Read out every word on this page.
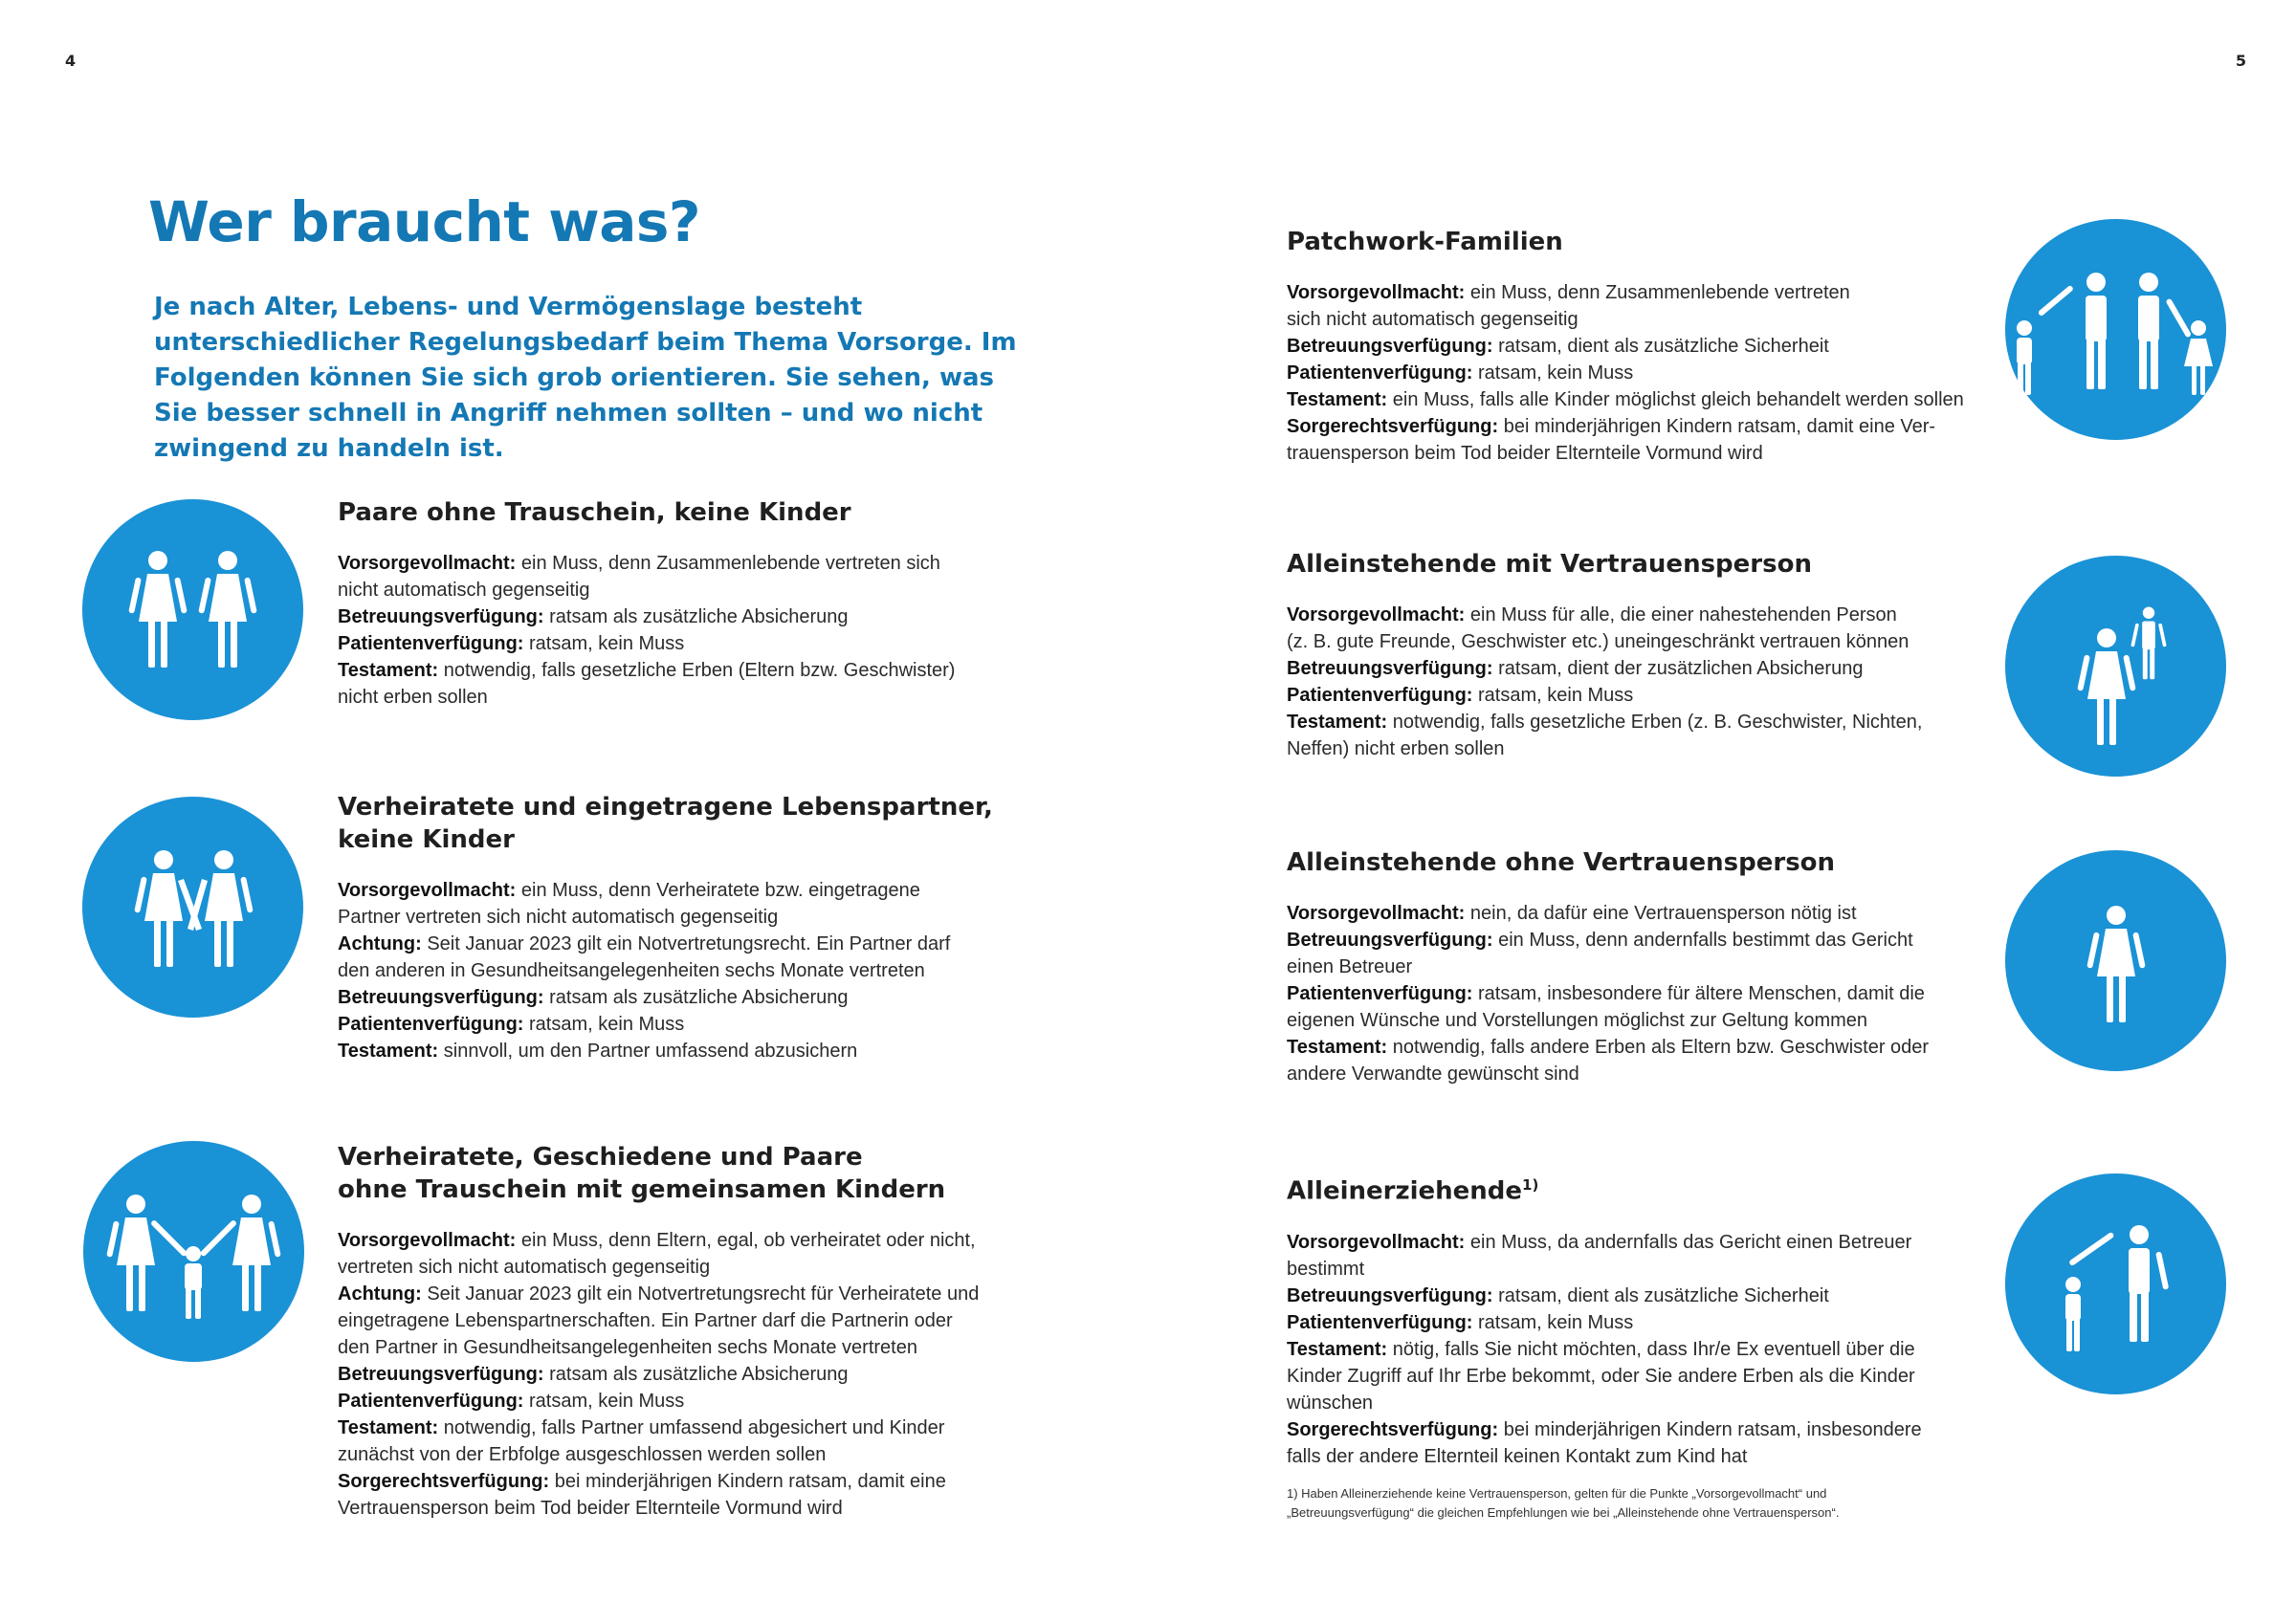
4	5
Wer braucht was?

Je nach Alter, Lebens- und Vermögenslage besteht unterschiedlicher Regelungsbedarf beim Thema Vorsorge. Im Folgenden können Sie sich grob orientieren. Sie sehen, was Sie besser schnell in Angriff nehmen sollten – und wo nicht zwingend zu handeln ist.

Paare ohne Trauschein, keine Kinder
Vorsorgevollmacht: ein Muss, denn Zusammenlebende vertreten sich
nicht automatisch gegenseitig
Betreuungsverfügung: ratsam als zusätzliche Absicherung
Patientenverfügung: ratsam, kein Muss
Testament: notwendig, falls gesetzliche Erben (Eltern bzw. Geschwister)
nicht erben sollen
Verheiratete und eingetragene Lebenspartner,
keine Kinder
Vorsorgevollmacht: ein Muss, denn Verheiratete bzw. eingetragene
Partner vertreten sich nicht automatisch gegenseitig
Achtung: Seit Januar 2023 gilt ein Notvertretungsrecht. Ein Partner darf
den anderen in Gesundheitsangelegenheiten sechs Monate vertreten
Betreuungsverfügung: ratsam als zusätzliche Absicherung
Patientenverfügung: ratsam, kein Muss
Testament: sinnvoll, um den Partner umfassend abzusichern
Verheiratete, Geschiedene und Paare
ohne Trauschein mit gemeinsamen Kindern
Vorsorgevollmacht: ein Muss, denn Eltern, egal, ob verheiratet oder nicht,
vertreten sich nicht automatisch gegenseitig
Achtung: Seit Januar 2023 gilt ein Notvertretungsrecht für Verheiratete und
eingetragene Lebenspartnerschaften. Ein Partner darf die Partnerin oder
den Partner in Gesundheitsangelegenheiten sechs Monate vertreten
Betreuungsverfügung: ratsam als zusätzliche Absicherung
Patientenverfügung: ratsam, kein Muss
Testament: notwendig, falls Partner umfassend abgesichert und Kinder
zunächst von der Erbfolge ausgeschlossen werden sollen
Sorgerechtsverfügung: bei minderjährigen Kindern ratsam, damit eine
Vertrauensperson beim Tod beider Elternteile Vormund wird
Patchwork-Familien
Vorsorgevollmacht: ein Muss, denn Zusammenlebende vertreten
sich nicht automatisch gegenseitig
Betreuungsverfügung: ratsam, dient als zusätzliche Sicherheit
Patientenverfügung: ratsam, kein Muss
Testament: ein Muss, falls alle Kinder möglichst gleich behandelt werden sollen
Sorgerechtsverfügung: bei minderjährigen Kindern ratsam, damit eine Ver-
trauensperson beim Tod beider Elternteile Vormund wird
Alleinstehende mit Vertrauensperson
Vorsorgevollmacht: ein Muss für alle, die einer nahestehenden Person
(z. B. gute Freunde, Geschwister etc.) uneingeschränkt vertrauen können
Betreuungsverfügung: ratsam, dient der zusätzlichen Absicherung
Patientenverfügung: ratsam, kein Muss
Testament: notwendig, falls gesetzliche Erben (z. B. Geschwister, Nichten,
Neffen) nicht erben sollen
Alleinstehende ohne Vertrauensperson
Vorsorgevollmacht: nein, da dafür eine Vertrauensperson nötig ist
Betreuungsverfügung: ein Muss, denn andernfalls bestimmt das Gericht
einen Betreuer
Patientenverfügung: ratsam, insbesondere für ältere Menschen, damit die
eigenen Wünsche und Vorstellungen möglichst zur Geltung kommen
Testament: notwendig, falls andere Erben als Eltern bzw. Geschwister oder
andere Verwandte gewünscht sind
Alleinerziehende$^{1)}$
Vorsorgevollmacht: ein Muss, da andernfalls das Gericht einen Betreuer
bestimmt
Betreuungsverfügung: ratsam, dient als zusätzliche Sicherheit
Patientenverfügung: ratsam, kein Muss
Testament: nötig, falls Sie nicht möchten, dass Ihr/e Ex eventuell über die
Kinder Zugriff auf Ihr Erbe bekommt, oder Sie andere Erben als die Kinder
wünschen
Sorgerechtsverfügung: bei minderjährigen Kindern ratsam, insbesondere
falls der andere Elternteil keinen Kontakt zum Kind hat
1) Haben Alleinerziehende keine Vertrauensperson, gelten für die Punkte „Vorsorgevollmacht“ und
„Betreuungsverfügung“ die gleichen Empfehlungen wie bei „Alleinstehende ohne Vertrauensperson“.
